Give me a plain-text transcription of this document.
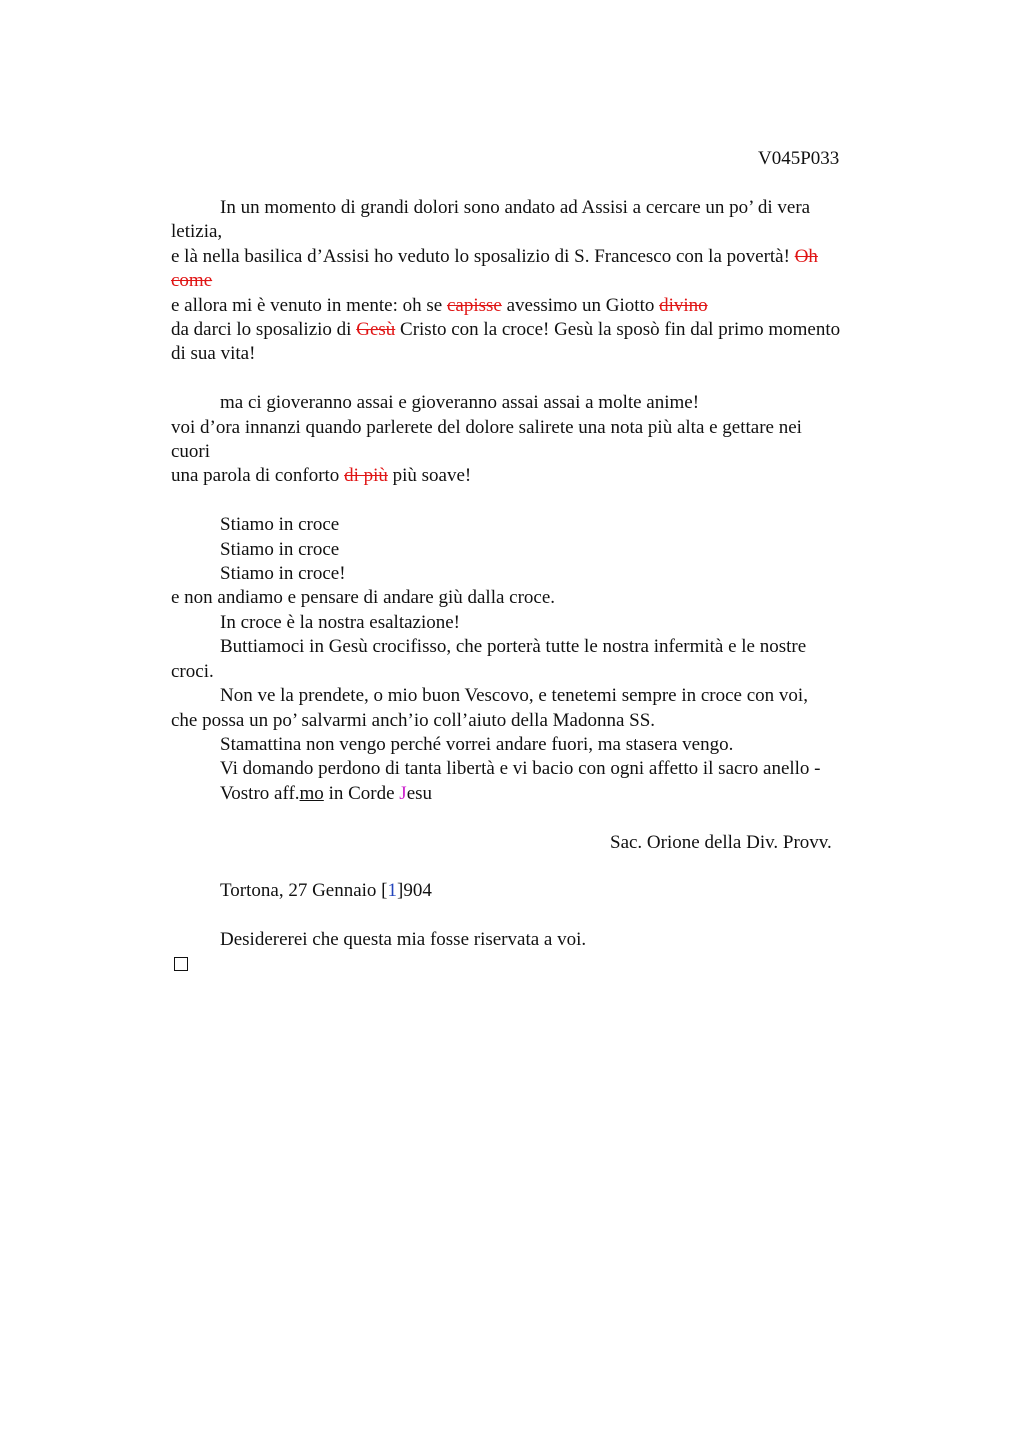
V045P033
In un momento di grandi dolori sono andato ad Assisi a cercare un po’ di vera
letizia,
e là nella basilica d’Assisi ho veduto lo sposalizio di S. Francesco con la povertà! Oh
come
e allora mi è venuto in mente: oh se capisse avessimo un Giotto divino
da darci lo sposalizio di Gesù Cristo con la croce! Gesù la sposò fin dal primo momento
di sua vita!
ma ci gioveranno assai e gioveranno assai assai a molte anime!
voi d’ora innanzi quando parlerete del dolore salirete una nota più alta e gettare nei
cuori
una parola di conforto di più più soave!
Stiamo in croce
Stiamo in croce
Stiamo in croce!
e non andiamo e pensare di andare giù dalla croce.
In croce è la nostra esaltazione!
Buttiamoci in Gesù crocifisso, che porterà tutte le nostra infermità e le nostre
croci.
Non ve la prendete, o mio buon Vescovo, e tenetemi sempre in croce con voi,
che possa un po’ salvarmi anch’io coll’aiuto della Madonna SS.
Stamattina non vengo perché vorrei andare fuori, ma stasera vengo.
Vi domando perdono di tanta libertà e vi bacio con ogni affetto il sacro anello -
Vostro aff.mo in Corde Jesu
Sac. Orione della Div. Provv.
Tortona, 27 Gennaio [1]904
Desidererei che questa mia fosse riservata a voi.
